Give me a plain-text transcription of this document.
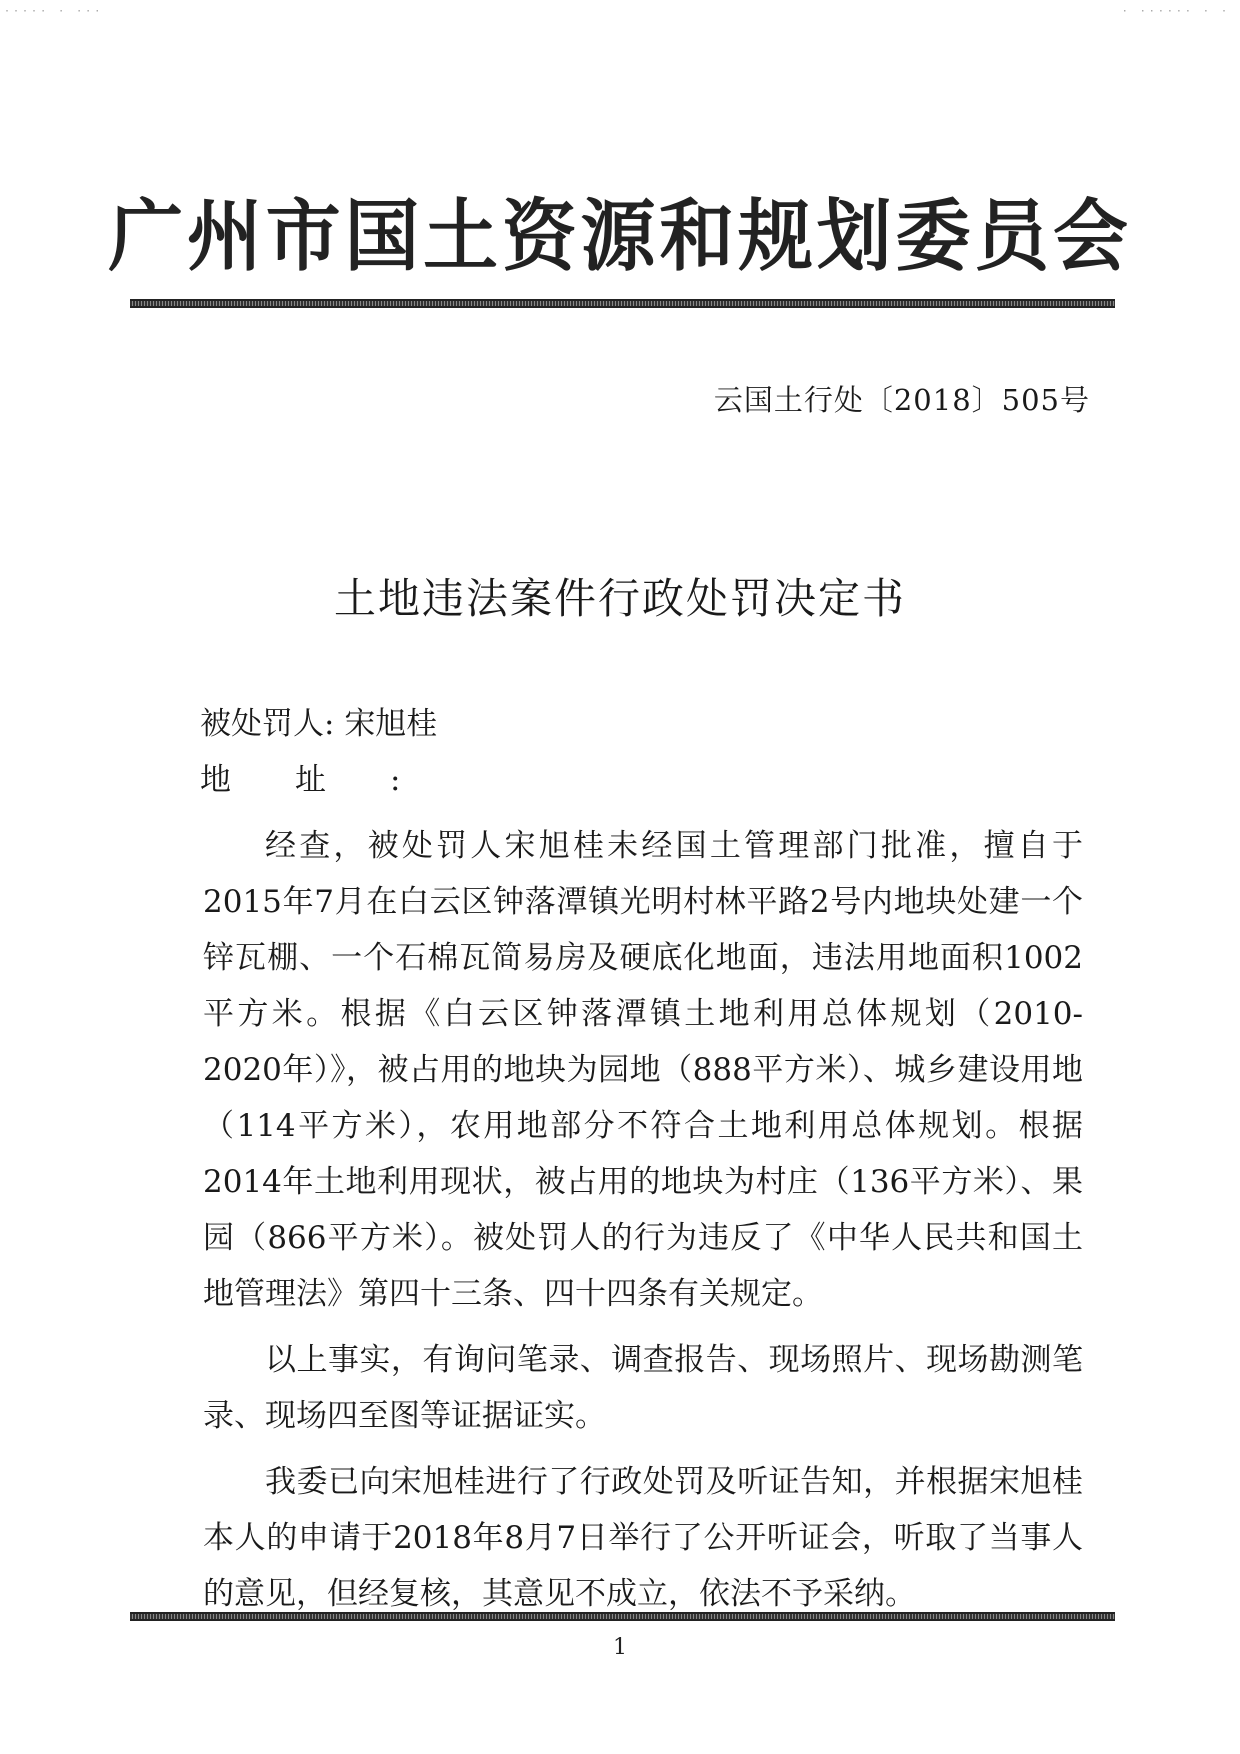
····· · ···	· ······ · ·
广州市国土资源和规划委员会
云国土行处〔2018〕505号
土地违法案件行政处罚决定书
被处罚人: 宋旭桂
地址:

经查，被处罚人宋旭桂未经国土管理部门批准，擅自于2015年7月在白云区钟落潭镇光明村林平路2号内地块处建一个锌瓦棚、一个石棉瓦简易房及硬底化地面，违法用地面积1002平方米。根据《白云区钟落潭镇土地利用总体规划（2010-2020年）》，被占用的地块为园地（888平方米）、城乡建设用地（114平方米），农用地部分不符合土地利用总体规划。根据2014年土地利用现状，被占用的地块为村庄（136平方米）、果园（866平方米）。被处罚人的行为违反了《中华人民共和国土地管理法》第四十三条、四十四条有关规定。

以上事实，有询问笔录、调查报告、现场照片、现场勘测笔录、现场四至图等证据证实。

我委已向宋旭桂进行了行政处罚及听证告知，并根据宋旭桂本人的申请于2018年8月7日举行了公开听证会，听取了当事人的意见，但经复核，其意见不成立，依法不予采纳。

1
